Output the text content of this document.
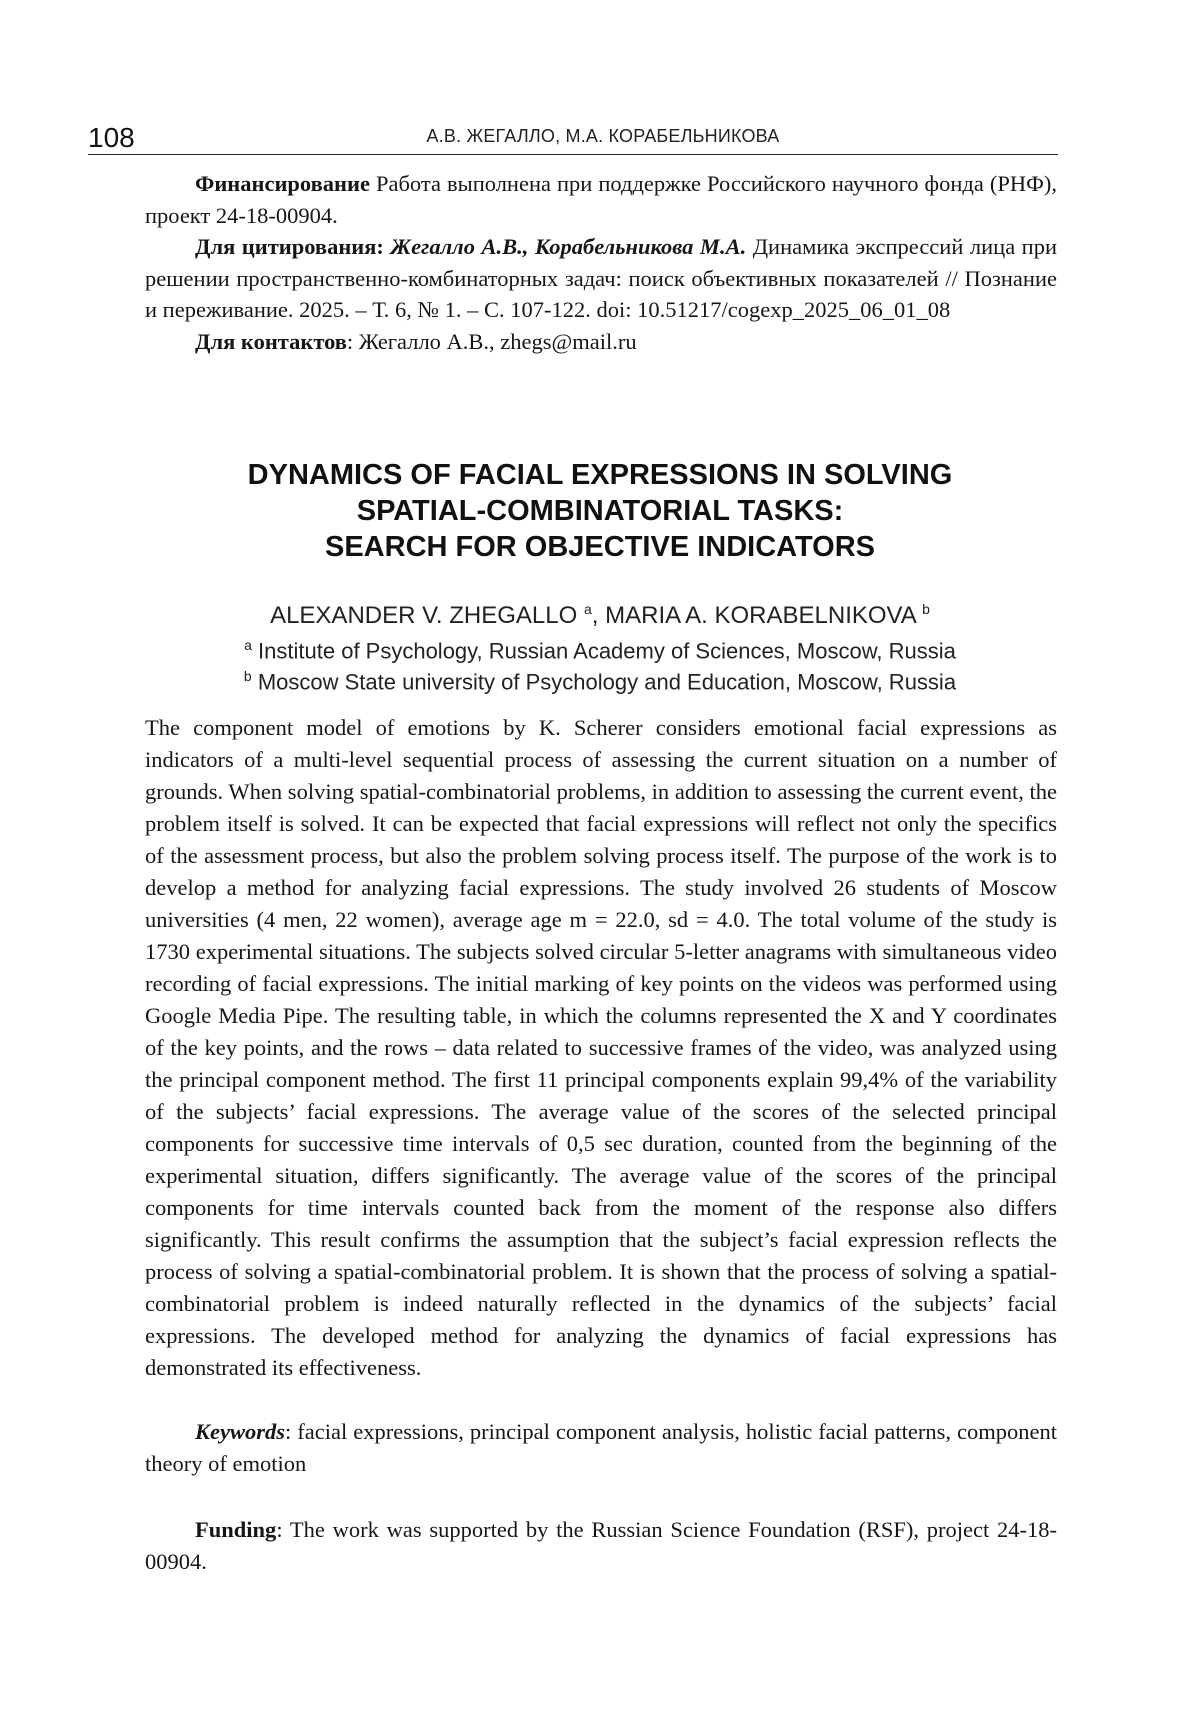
108	А.В. ЖЕГАЛЛО, М.А. КОРАБЕЛЬНИКОВА

Финансирование Работа выполнена при поддержке Российского научного фонда (РНФ), проект 24-18-00904.

Для цитирования: Жегалло А.В., Корабельникова М.А. Динамика экспрессий лица при решении пространственно-комбинаторных задач: поиск объективных показателей // Познание и переживание. 2025. – Т. 6, № 1. – С. 107-122. doi: 10.51217/cogexp_2025_06_01_08

Для контактов: Жегалло А.В., zhegs@mail.ru

DYNAMICS OF FACIAL EXPRESSIONS IN SOLVING
SPATIAL-COMBINATORIAL TASKS:
SEARCH FOR OBJECTIVE INDICATORS
ALEXANDER V. ZHEGALLO $^a$, MARIA A. KORABELNIKOVA $^b$
$^a$ Institute of Psychology, Russian Academy of Sciences, Moscow, Russia
$^b$ Moscow State university of Psychology and Education, Moscow, Russia

The component model of emotions by K. Scherer considers emotional facial expressions as indicators of a multi-level sequential process of assessing the current situation on a number of grounds. When solving spatial-combinatorial problems, in addition to assessing the current event, the problem itself is solved. It can be expected that facial expressions will reflect not only the specifics of the assessment process, but also the problem solving process itself. The purpose of the work is to develop a method for analyzing facial expressions. The study involved 26 students of Moscow universities (4 men, 22 women), average age m = 22.0, sd = 4.0. The total volume of the study is 1730 experimental situations. The subjects solved circular 5-letter anagrams with simultaneous video recording of facial expressions. The initial marking of key points on the videos was performed using Google Media Pipe. The resulting table, in which the columns represented the X and Y coordinates of the key points, and the rows – data related to successive frames of the video, was analyzed using the principal component method. The first 11 principal components explain 99,4% of the variability of the subjects’ facial expressions. The average value of the scores of the selected principal components for successive time intervals of 0,5 sec duration, counted from the beginning of the experimental situation, differs significantly. The average value of the scores of the principal components for time intervals counted back from the moment of the response also differs significantly. This result confirms the assumption that the subject’s facial expression reflects the process of solving a spatial-combinatorial problem. It is shown that the process of solving a spatial-combinatorial problem is indeed naturally reflected in the dynamics of the subjects’ facial expressions. The developed method for analyzing the dynamics of facial expressions has demonstrated its effectiveness.

Keywords: facial expressions, principal component analysis, holistic facial patterns, component theory of emotion

Funding: The work was supported by the Russian Science Foundation (RSF), project 24-18-00904.
